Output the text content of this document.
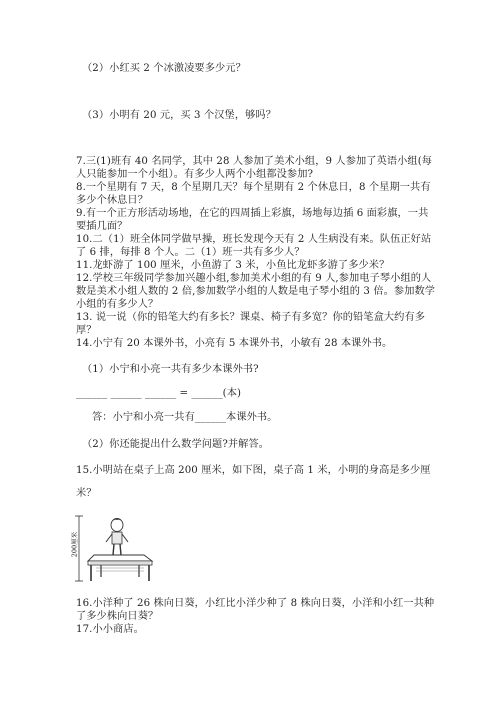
（2）小红买 2 个冰激凌要多少元？
（3）小明有 20 元，买 3 个汉堡，够吗？
7.三(1)班有 40 名同学，其中 28 人参加了美术小组，9 人参加了英语小组(每
人只能参加一个小组）。有多少人两个小组都没参加?
8.一个星期有 7 天，8 个星期几天？每个星期有 2 个休息日，8 个星期一共有
多少个休息日？
9.有一个正方形活动场地，在它的四周插上彩旗，场地每边插 6 面彩旗，一共
要插几面？
10.二（1）班全体同学做早操，班长发现今天有 2 人生病没有来。队伍正好站
了 6 排，每排 8 个人。二（1）班一共有多少人？
11.龙虾游了 100 厘米，小鱼游了 3 米，小鱼比龙虾多游了多少米？
12.学校三年级同学参加兴趣小组,参加美术小组的有 9 人,参加电子琴小组的人
数是美术小组人数的 2 倍,参加数学小组的人数是电子琴小组的 3 倍。参加数学
小组的有多少人？
13. 说一说（你的铅笔大约有多长？课桌、椅子有多宽？你的铅笔盒大约有多
厚？
14.小宁有 20 本课外书，小亮有 5 本课外书，小敏有 28 本课外书。
（1）小宁和小亮一共有多少本课外书?
______ ______ ______ = ______(本)
答：小宁和小亮一共有______本课外书。
（2）你还能提出什么数学问题?并解答。
15.小明站在桌子上高 200 厘米，如下图，桌子高 1 米，小明的身高是多少厘
米？
200厘米
16.小洋种了 26 株向日葵，小红比小洋少种了 8 株向日葵，小洋和小红一共种
了多少株向日葵？
17.小小商店。
